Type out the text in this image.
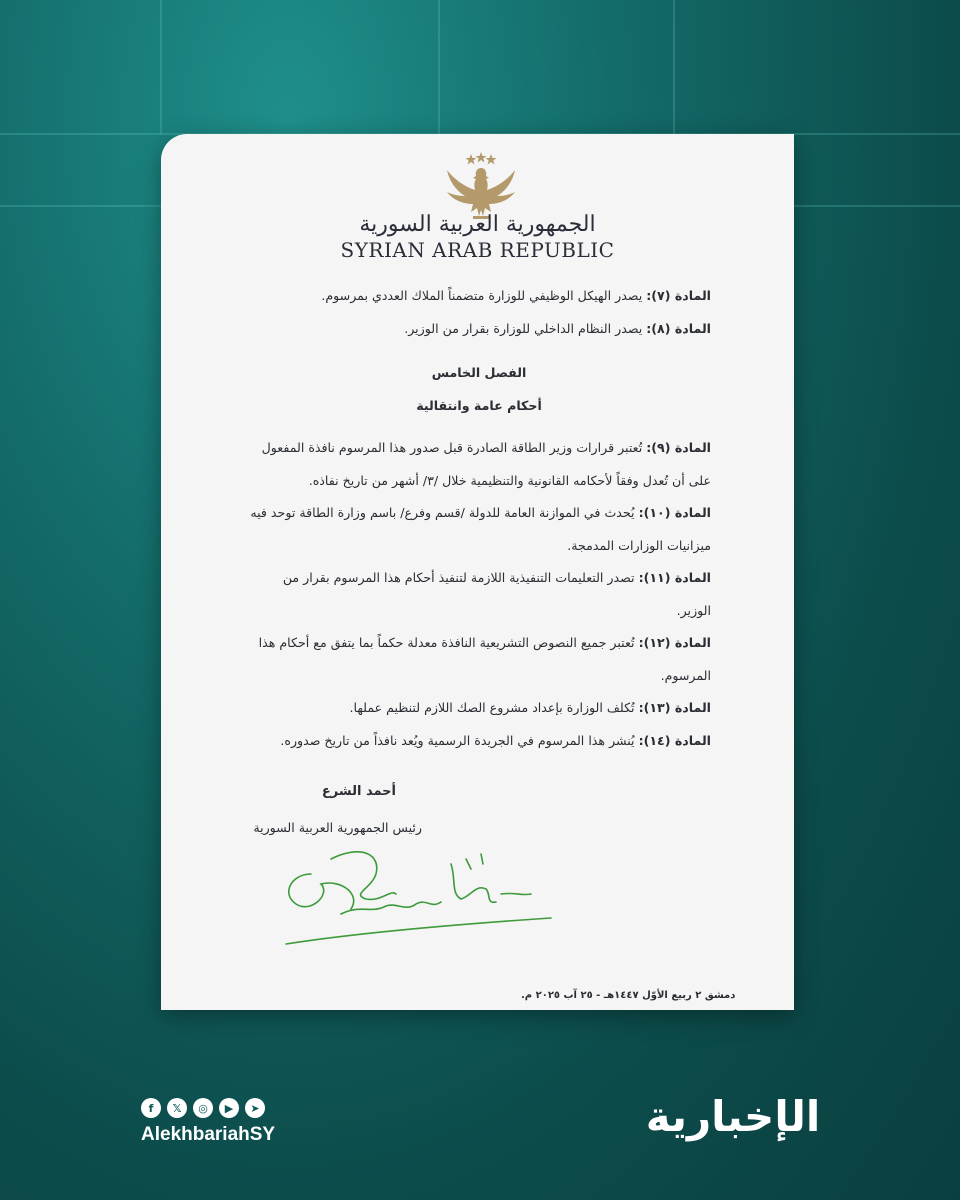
الجمهورية العربية السورية
SYRIAN ARAB REPUBLIC

المادة (٧): يصدر الهيكل الوظيفي للوزارة متضمناً الملاك العددي بمرسوم.

المادة (٨): يصدر النظام الداخلي للوزارة بقرار من الوزير.

الفصل الخامس

أحكام عامة وانتقالية

المادة (٩): تُعتبر قرارات وزير الطاقة الصادرة قبل صدور هذا المرسوم نافذة المفعول على أن تُعدل وفقاً لأحكامه القانونية والتنظيمية خلال /٣/ أشهر من تاريخ نفاذه.

المادة (١٠): يُحدث في الموازنة العامة للدولة /قسم وفرع/ باسم وزارة الطاقة توحد فيه ميزانيات الوزارات المدمجة.

المادة (١١): تصدر التعليمات التنفيذية اللازمة لتنفيذ أحكام هذا المرسوم بقرار من الوزير.

المادة (١٢): تُعتبر جميع النصوص التشريعية النافذة معدلة حكماً بما يتفق مع أحكام هذا المرسوم.

المادة (١٣): تُكلف الوزارة بإعداد مشروع الصك اللازم لتنظيم عملها.

المادة (١٤): يُنشر هذا المرسوم في الجريدة الرسمية ويُعد نافذاً من تاريخ صدوره.

أحمد الشرع
رئيس الجمهورية العربية السورية
دمشق ٢ ربيع الأوّل ١٤٤٧هـ - ٢٥ آب ٢٠٢٥ م.
f	𝕏	◎	▶	➤
AlekhbariahSY	الإخبارية
